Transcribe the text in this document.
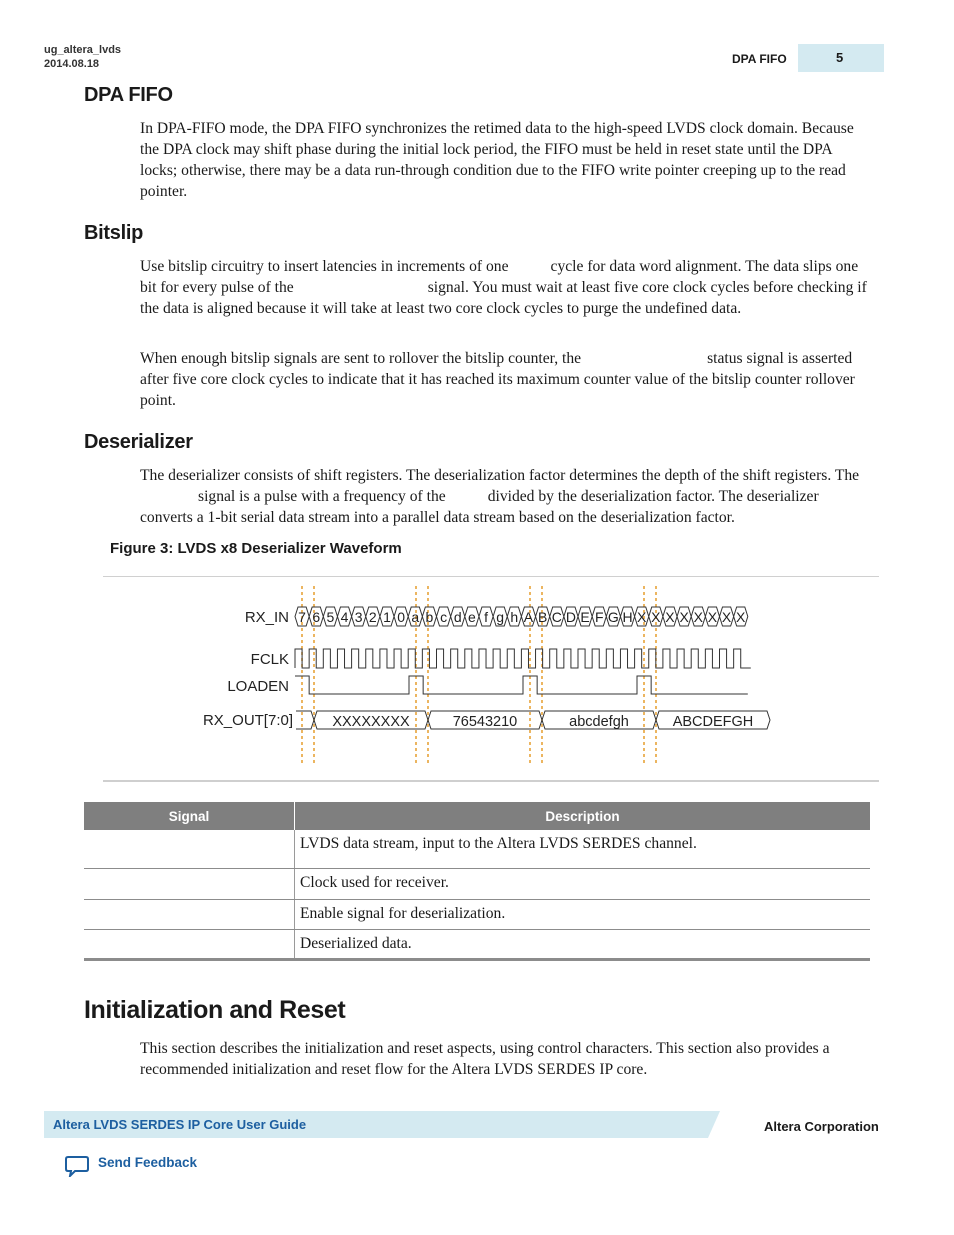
ug_altera_lvds
2014.08.18	DPA FIFO	5
DPA FIFO

In DPA-FIFO mode, the DPA FIFO synchronizes the retimed data to the high-speed LVDS clock domain. Because the DPA clock may shift phase during the initial lock period, the FIFO must be held in reset state until the DPA locks; otherwise, there may be a data run-through condition due to the FIFO write pointer creeping up to the read pointer.

Bitslip

Use bitslip circuitry to insert latencies in increments of one	cycle for data word alignment. The data slips one bit for every pulse of the	signal. You must wait at least five core clock cycles before checking if the data is aligned because it will take at least two core clock cycles to purge the undefined data.

When enough bitslip signals are sent to rollover the bitslip counter, the	status signal is asserted after five core clock cycles to indicate that it has reached its maximum counter value of the bitslip counter rollover point.

Deserializer

The deserializer consists of shift registers. The deserialization factor determines the depth of the shift registers. Thesignal is a pulse with a frequency of the	divided by the deserialization factor. The deserializer converts a 1-bit serial data stream into a parallel data stream based on the deserialization factor.

Figure 3: LVDS x8 Deserializer Waveform
7 6 5 4 3 2 1 0 a b c d e f g h A B C D E F G H X X X X X X X X
XXXXXXXX	76543210	abcdefgh	ABCDEFGH
RX_IN
FCLK
LOADEN
RX_OUT[7:0]
Signal	Description
	LVDS data stream, input to the Altera LVDS SERDES channel.
	Clock used for receiver.
	Enable signal for deserialization.
	Deserialized data.
Initialization and Reset

This section describes the initialization and reset aspects, using control characters. This section also provides a recommended initialization and reset flow for the Altera LVDS SERDES IP core.

Altera LVDS SERDES IP Core User Guide	Altera Corporation
Send Feedback
